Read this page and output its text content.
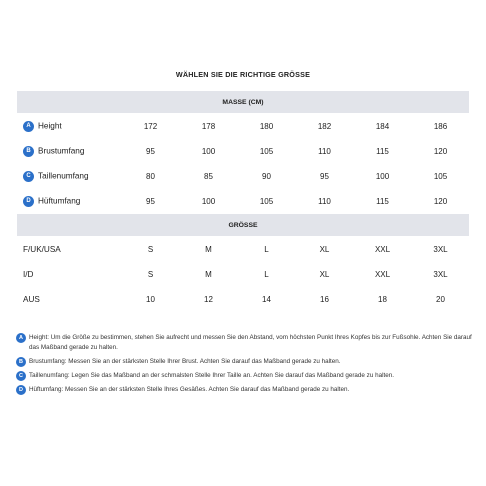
WÄHLEN SIE DIE RICHTIGE GRÖSSE
MASSE (CM)						
A Height	172	178	180	182	184	186
B Brustumfang	95	100	105	110	115	120
C Taillenumfang	80	85	90	95	100	105
D Hüftumfang	95	100	105	110	115	120
GRÖSSE						
F/UK/USA	S	M	L	XL	XXL	3XL
I/D	S	M	L	XL	XXL	3XL
AUS	10	12	14	16	18	20
A Height: Um die Größe zu bestimmen, stehen Sie aufrecht und messen Sie den Abstand, vom höchsten Punkt Ihres Kopfes bis zur Fußsohle. Achten Sie darauf das Maßband gerade zu halten.
B Brustumfang: Messen Sie an der stärksten Stelle Ihrer Brust. Achten Sie darauf das Maßband gerade zu halten.
C Taillenumfang: Legen Sie das Maßband an der schmalsten Stelle Ihrer Taille an. Achten Sie darauf das Maßband gerade zu halten.
D Hüftumfang: Messen Sie an der stärksten Stelle Ihres Gesäßes. Achten Sie darauf das Maßband gerade zu halten.
